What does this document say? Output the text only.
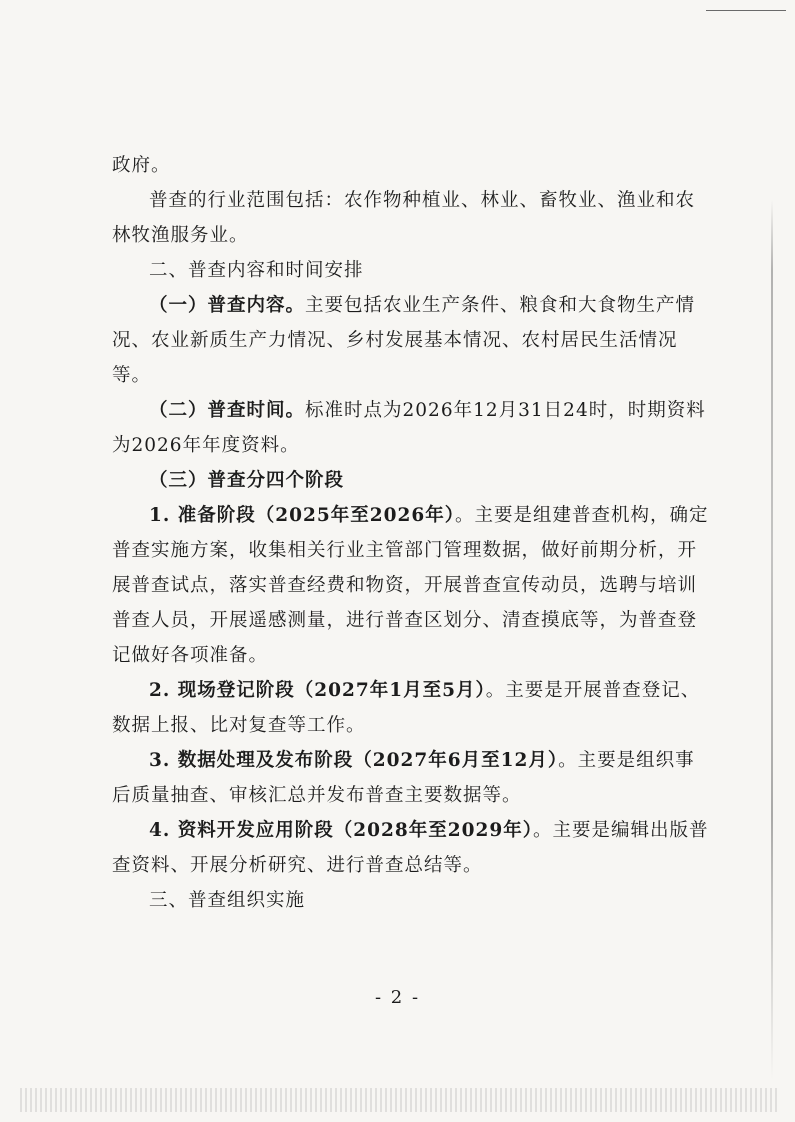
政府。

普查的行业范围包括：农作物种植业、林业、畜牧业、渔业和农林牧渔服务业。

二、普查内容和时间安排

（一）普查内容。主要包括农业生产条件、粮食和大食物生产情况、农业新质生产力情况、乡村发展基本情况、农村居民生活情况等。

（二）普查时间。标准时点为2026年12月31日24时，时期资料为2026年年度资料。

（三）普查分四个阶段

1. 准备阶段（2025年至2026年）。主要是组建普查机构，确定普查实施方案，收集相关行业主管部门管理数据，做好前期分析，开展普查试点，落实普查经费和物资，开展普查宣传动员，选聘与培训普查人员，开展遥感测量，进行普查区划分、清查摸底等，为普查登记做好各项准备。

2. 现场登记阶段（2027年1月至5月）。主要是开展普查登记、数据上报、比对复查等工作。

3. 数据处理及发布阶段（2027年6月至12月）。主要是组织事后质量抽查、审核汇总并发布普查主要数据等。

4. 资料开发应用阶段（2028年至2029年）。主要是编辑出版普查资料、开展分析研究、进行普查总结等。

三、普查组织实施

- 2 -
